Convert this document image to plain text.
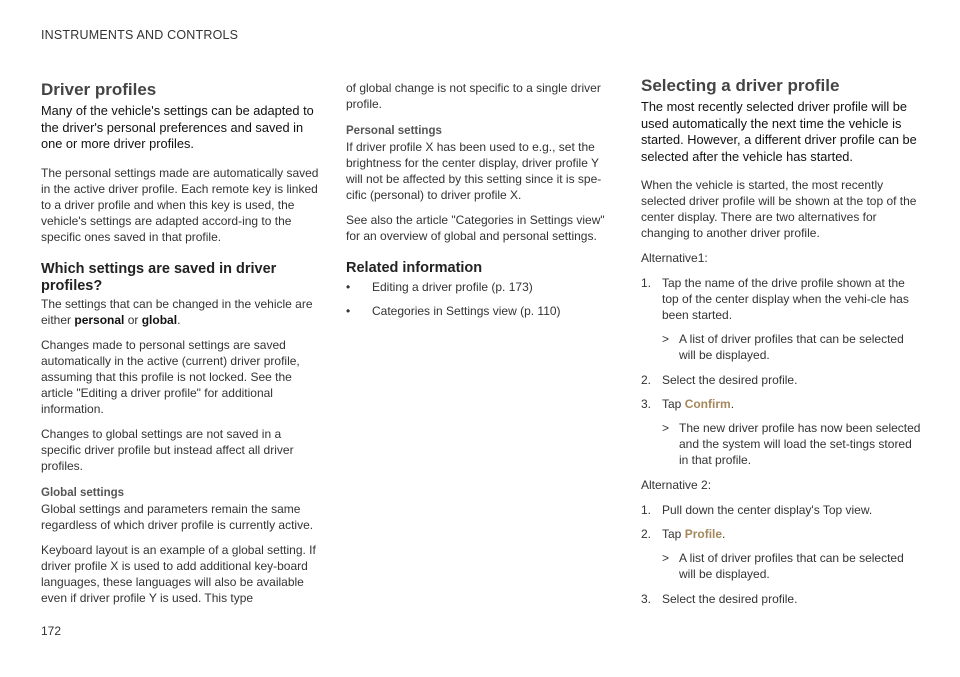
INSTRUMENTS AND CONTROLS
Driver profiles

Many of the vehicle's settings can be adapted to the driver's personal preferences and saved in one or more driver profiles.

The personal settings made are automatically saved in the active driver profile. Each remote key is linked to a driver profile and when this key is used, the vehicle's settings are adapted accord-ing to the specific ones saved in that profile.

Which settings are saved in driver profiles?

The settings that can be changed in the vehicle are either personal or global.

Changes made to personal settings are saved automatically in the active (current) driver profile, assuming that this profile is not locked. See the article "Editing a driver profile" for additional information.

Changes to global settings are not saved in a specific driver profile but instead affect all driver profiles.

Global settings

Global settings and parameters remain the same regardless of which driver profile is currently active.

Keyboard layout is an example of a global setting. If driver profile X is used to add additional key-board languages, these languages will also be available even if driver profile Y is used. This type

of global change is not specific to a single driver profile.

Personal settings

If driver profile X has been used to e.g., set the brightness for the center display, driver profile Y will not be affected by this setting since it is spe-cific (personal) to driver profile X.

See also the article "Categories in Settings view" for an overview of global and personal settings.

Related information
• Editing a driver profile (p. 173)
• Categories in Settings view (p. 110)
Selecting a driver profile

The most recently selected driver profile will be used automatically the next time the vehicle is started. However, a different driver profile can be selected after the vehicle has started.

When the vehicle is started, the most recently selected driver profile will be shown at the top of the center display. There are two alternatives for changing to another driver profile.

Alternative1:
1. Tap the name of the drive profile shown at the top of the center display when the vehi-cle has been started.
> A list of driver profiles that can be selected will be displayed.
2. Select the desired profile.
3. Tap Confirm.
> The new driver profile has now been selected and the system will load the set-tings stored in that profile.
Alternative 2:
1. Pull down the center display's Top view.
2. Tap Profile.
> A list of driver profiles that can be selected will be displayed.
3. Select the desired profile.
172
